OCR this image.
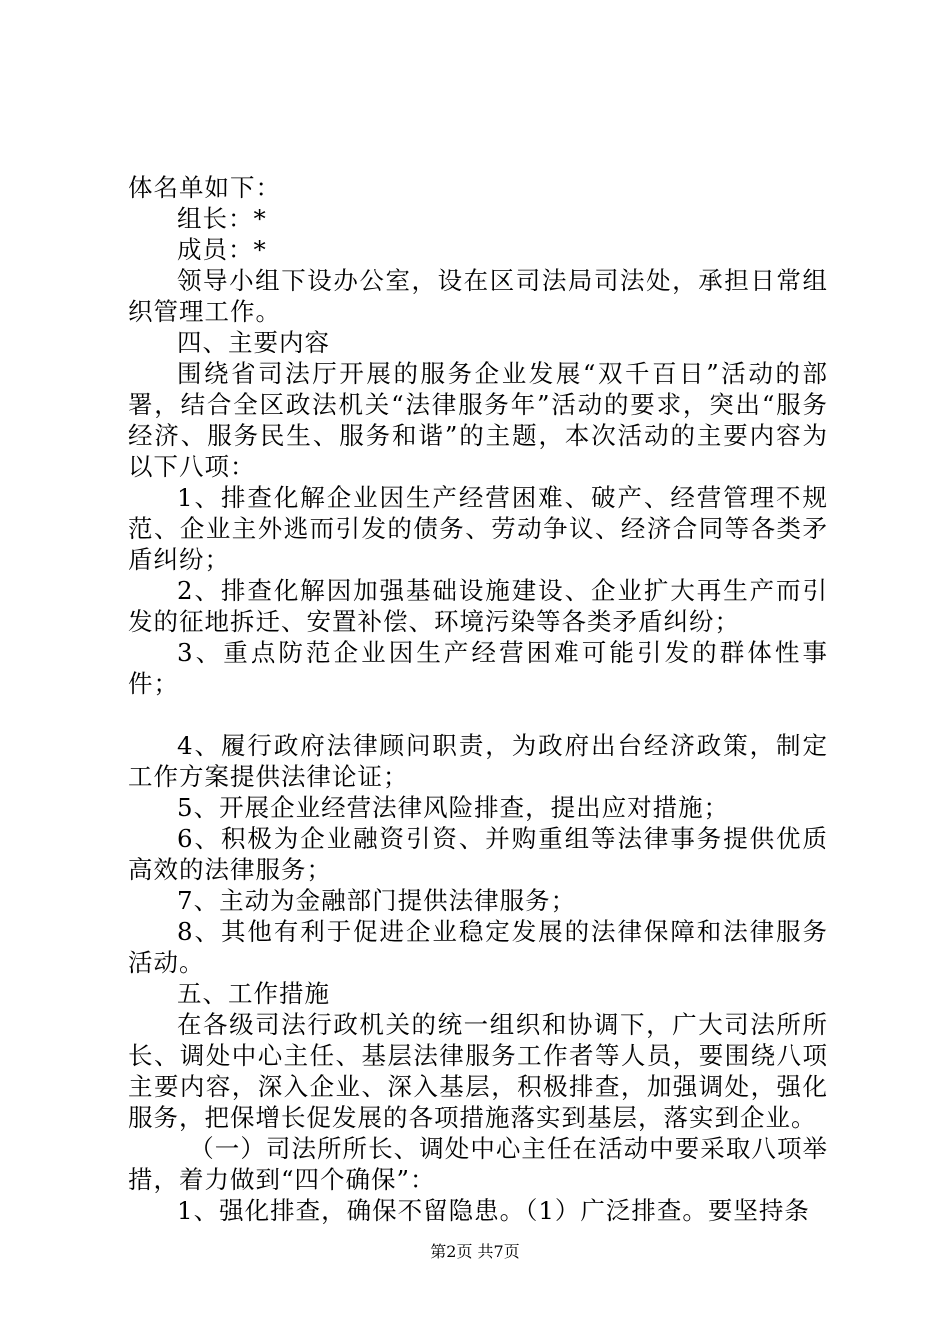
体名单如下：

组长：*

成员：*

领导小组下设办公室，设在区司法局司法处，承担日常组织管理工作。

四、主要内容

围绕省司法厅开展的服务企业发展“双千百日”活动的部署，结合全区政法机关“法律服务年”活动的要求，突出“服务经济、服务民生、服务和谐”的主题，本次活动的主要内容为以下八项：

1、排查化解企业因生产经营困难、破产、经营管理不规范、企业主外逃而引发的债务、劳动争议、经济合同等各类矛盾纠纷；

2、排查化解因加强基础设施建设、企业扩大再生产而引发的征地拆迁、安置补偿、环境污染等各类矛盾纠纷；

3、重点防范企业因生产经营困难可能引发的群体性事件；

4、履行政府法律顾问职责，为政府出台经济政策，制定工作方案提供法律论证；

5、开展企业经营法律风险排查，提出应对措施；

6、积极为企业融资引资、并购重组等法律事务提供优质高效的法律服务；

7、主动为金融部门提供法律服务；

8、其他有利于促进企业稳定发展的法律保障和法律服务活动。

五、工作措施

在各级司法行政机关的统一组织和协调下，广大司法所所长、调处中心主任、基层法律服务工作者等人员，要围绕八项主要内容，深入企业、深入基层，积极排查，加强调处，强化服务，把保增长促发展的各项措施落实到基层，落实到企业。

（一）司法所所长、调处中心主任在活动中要采取八项举措，着力做到“四个确保”：

1、强化排查，确保不留隐患。（1）广泛排查。要坚持条

第2页 共7页
